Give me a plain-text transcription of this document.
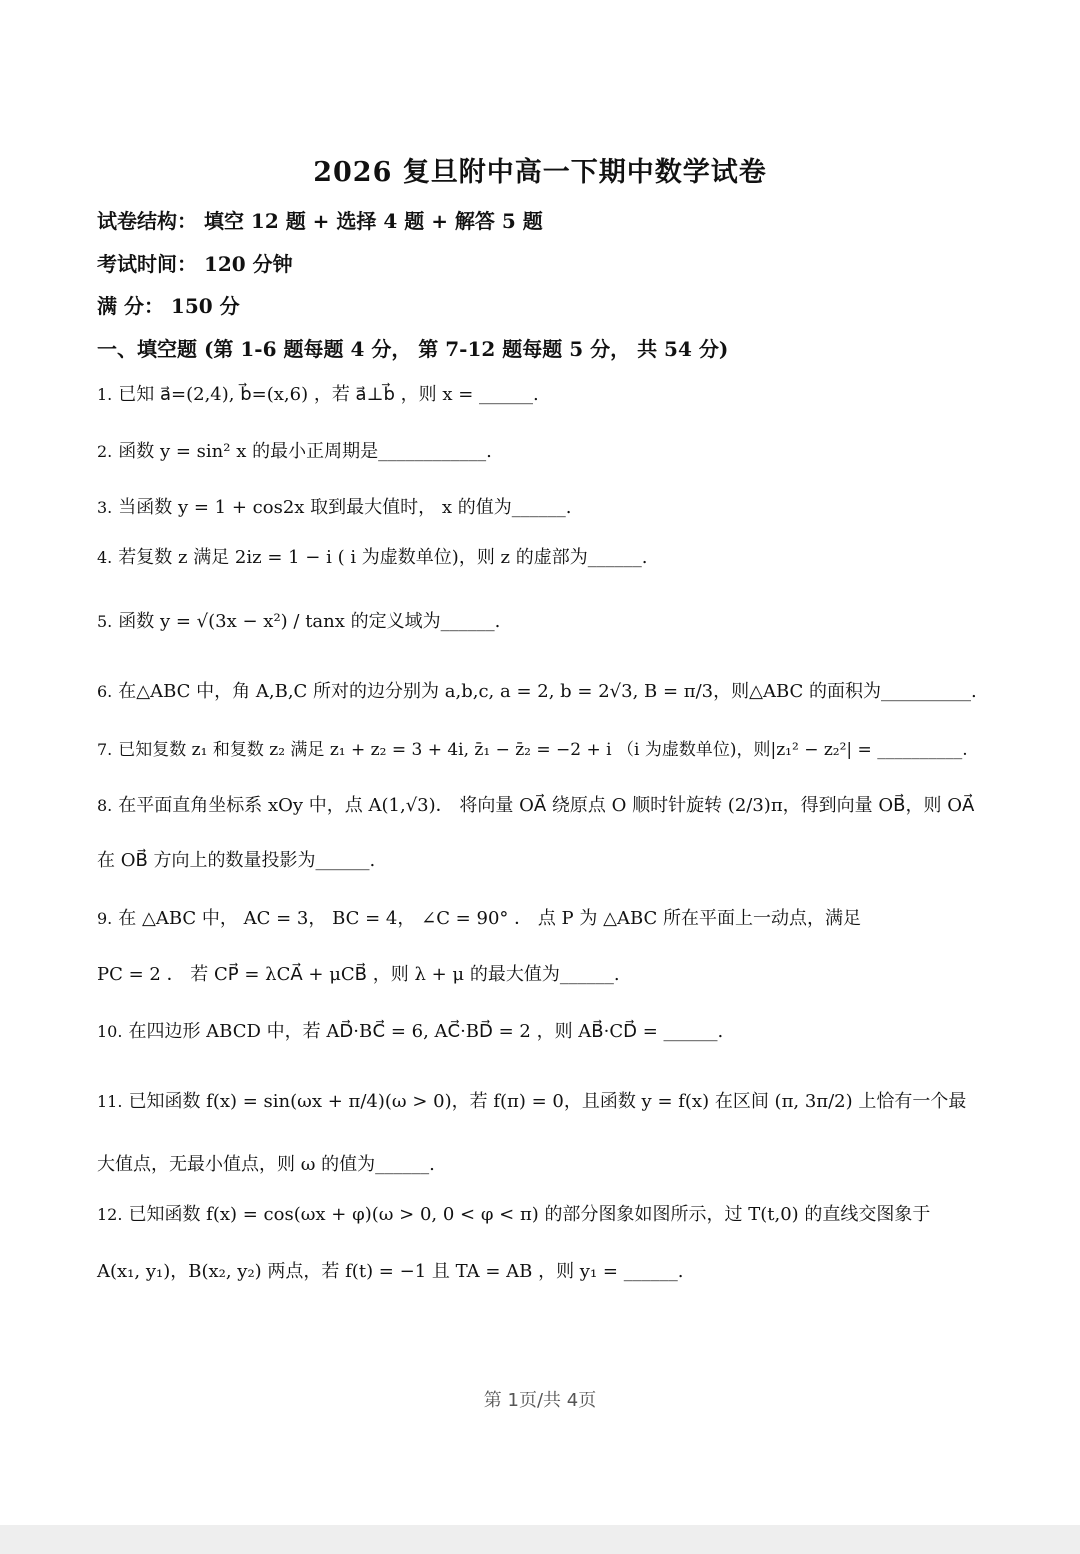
2026 复旦附中高一下期中数学试卷
试卷结构： 填空 12 题 + 选择 4 题 + 解答 5 题
考试时间： 120 分钟
满 分： 150 分
一、填空题 (第 1-6 题每题 4 分， 第 7-12 题每题 5 分， 共 54 分)
1. 已知 a⃗=(2,4), b⃗=(x,6) ，若 a⃗⊥b⃗ ，则 x = ______.
2. 函数 y = sin² x 的最小正周期是____________.
3. 当函数 y = 1 + cos2x 取到最大值时， x 的值为______.
4. 若复数 z 满足 2iz = 1 − i ( i 为虚数单位)，则 z 的虚部为______.
5. 函数 y = √(3x − x²) / tanx 的定义域为______.
6. 在△ABC 中，角 A,B,C 所对的边分别为 a,b,c, a = 2, b = 2√3, B = π/3，则△ABC 的面积为__________.
7. 已知复数 z₁ 和复数 z₂ 满足 z₁ + z₂ = 3 + 4i, z̄₁ − z̄₂ = −2 + i （i 为虚数单位)，则|z₁² − z₂²| = __________.
8. 在平面直角坐标系 xOy 中，点 A(1,√3)． 将向量 OA⃗ 绕原点 O 顺时针旋转 (2/3)π，得到向量 OB⃗，则 OA⃗
在 OB⃗ 方向上的数量投影为______.
9. 在 △ABC 中， AC = 3， BC = 4， ∠C = 90° ． 点 P 为 △ABC 所在平面上一动点，满足
PC = 2 ． 若 CP⃗ = λCA⃗ + μCB⃗ ，则 λ + μ 的最大值为______.
10. 在四边形 ABCD 中，若 AD⃗·BC⃗ = 6, AC⃗·BD⃗ = 2 ，则 AB⃗·CD⃗ = ______.
11. 已知函数 f(x) = sin(ωx + π/4)(ω > 0)，若 f(π) = 0，且函数 y = f(x) 在区间 (π, 3π/2) 上恰有一个最
大值点，无最小值点，则 ω 的值为______.
12. 已知函数 f(x) = cos(ωx + φ)(ω > 0, 0 < φ < π) 的部分图象如图所示，过 T(t,0) 的直线交图象于
A(x₁, y₁)，B(x₂, y₂) 两点，若 f(t) = −1 且 TA = AB ，则 y₁ = ______.
第 1页/共 4页
